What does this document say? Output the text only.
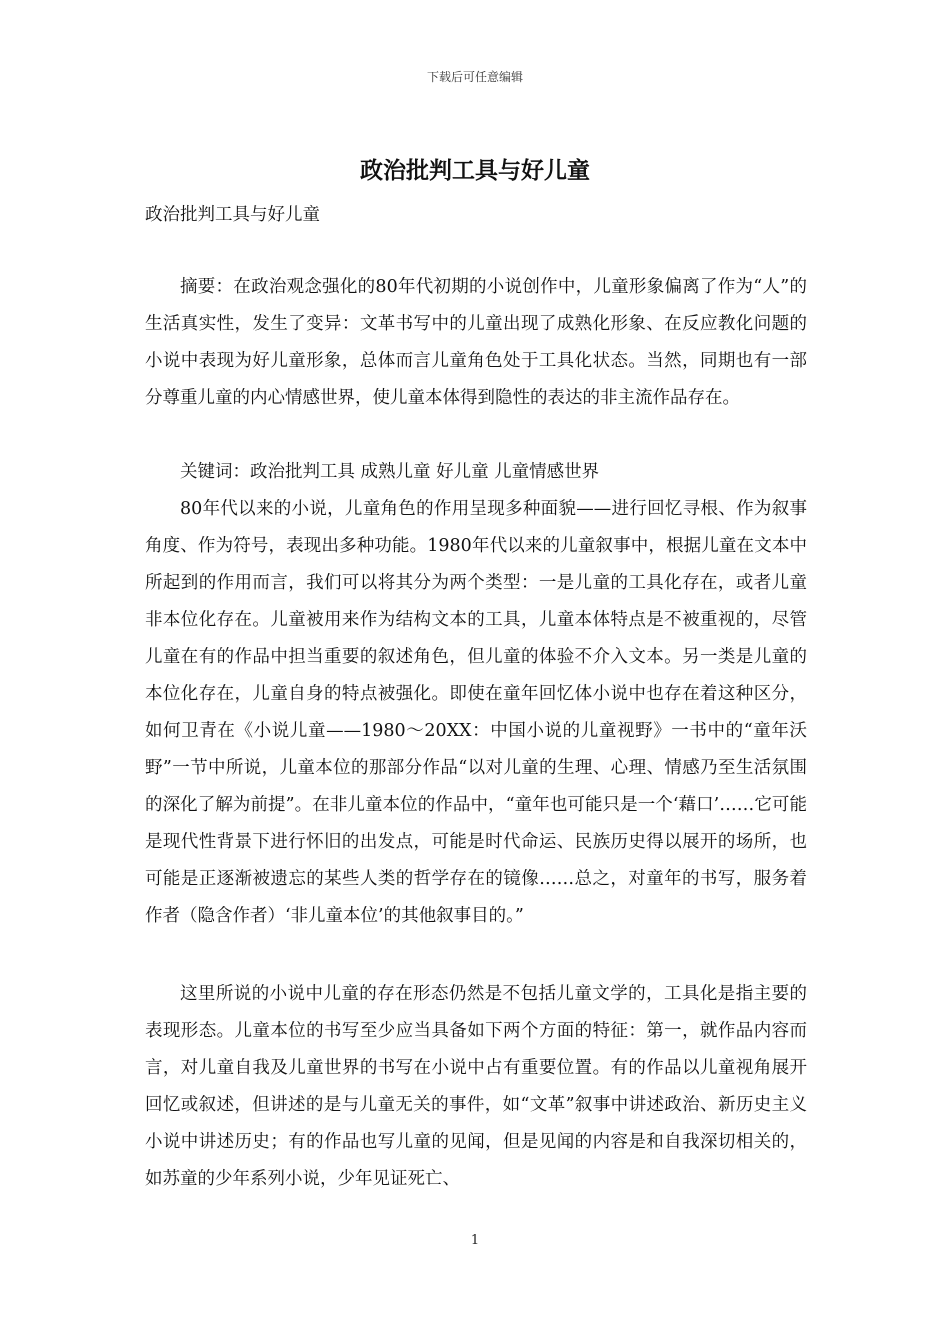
下载后可任意编辑
政治批判工具与好儿童

政治批判工具与好儿童

摘要：在政治观念强化的80年代初期的小说创作中，儿童形象偏离了作为“人”的生活真实性，发生了变异：文革书写中的儿童出现了成熟化形象、在反应教化问题的小说中表现为好儿童形象，总体而言儿童角色处于工具化状态。当然，同期也有一部分尊重儿童的内心情感世界，使儿童本体得到隐性的表达的非主流作品存在。

关键词：政治批判工具 成熟儿童 好儿童 儿童情感世界

80年代以来的小说，儿童角色的作用呈现多种面貌——进行回忆寻根、作为叙事角度、作为符号，表现出多种功能。1980年代以来的儿童叙事中，根据儿童在文本中所起到的作用而言，我们可以将其分为两个类型：一是儿童的工具化存在，或者儿童非本位化存在。儿童被用来作为结构文本的工具，儿童本体特点是不被重视的，尽管儿童在有的作品中担当重要的叙述角色，但儿童的体验不介入文本。另一类是儿童的本位化存在，儿童自身的特点被强化。即使在童年回忆体小说中也存在着这种区分，如何卫青在《小说儿童——1980～20XX：中国小说的儿童视野》一书中的“童年沃野”一节中所说，儿童本位的那部分作品“以对儿童的生理、心理、情感乃至生活氛围的深化了解为前提”。在非儿童本位的作品中，“童年也可能只是一个‘藉口’……它可能是现代性背景下进行怀旧的出发点，可能是时代命运、民族历史得以展开的场所，也可能是正逐渐被遗忘的某些人类的哲学存在的镜像……总之，对童年的书写，服务着作者（隐含作者）‘非儿童本位’的其他叙事目的。”

这里所说的小说中儿童的存在形态仍然是不包括儿童文学的，工具化是指主要的表现形态。儿童本位的书写至少应当具备如下两个方面的特征：第一，就作品内容而言，对儿童自我及儿童世界的书写在小说中占有重要位置。有的作品以儿童视角展开回忆或叙述，但讲述的是与儿童无关的事件，如“文革”叙事中讲述政治、新历史主义小说中讲述历史；有的作品也写儿童的见闻，但是见闻的内容是和自我深切相关的，如苏童的少年系列小说，少年见证死亡、

1
